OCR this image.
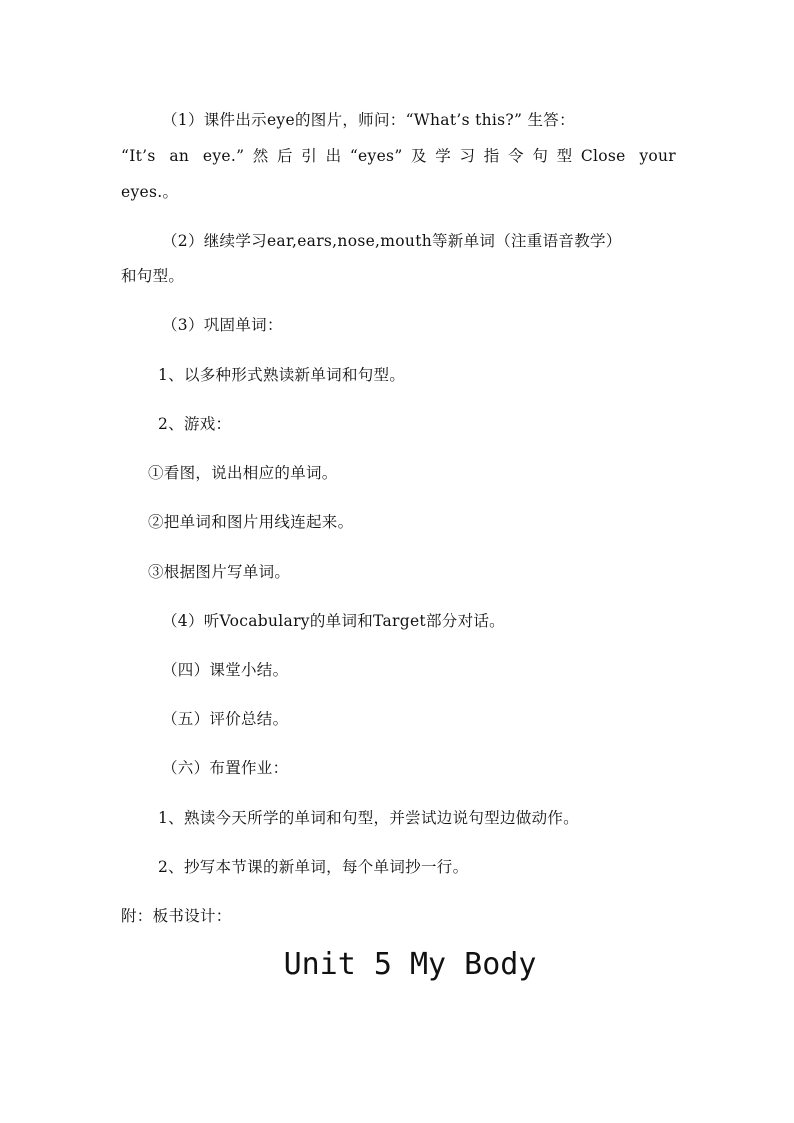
（1）课件出示eye的图片，师问：“What’s this?” 生答：
“It’s an eye.”然后引出“eyes”及学习指令句型Close your
eyes.。
（2）继续学习ear,ears,nose,mouth等新单词（注重语音教学）
和句型。
（3）巩固单词：
1、以多种形式熟读新单词和句型。
2、游戏：
①看图，说出相应的单词。
②把单词和图片用线连起来。
③根据图片写单词。
（4）听Vocabulary的单词和Target部分对话。
（四）课堂小结。
（五）评价总结。
（六）布置作业：
1、熟读今天所学的单词和句型，并尝试边说句型边做动作。
2、抄写本节课的新单词，每个单词抄一行。
附：板书设计：
Unit 5 My Body
